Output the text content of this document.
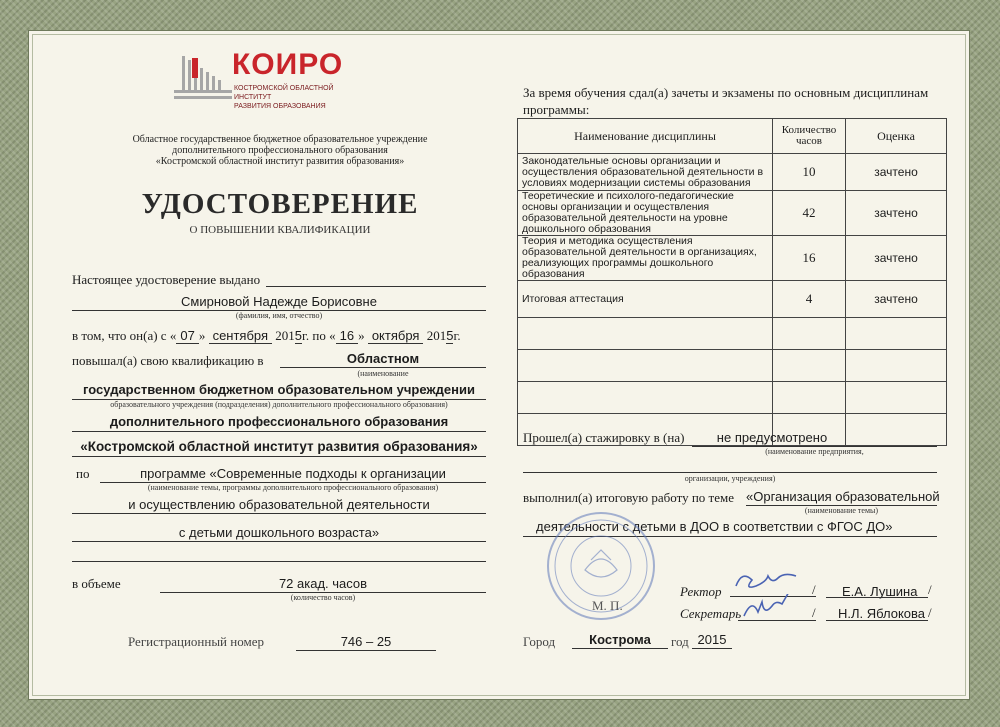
КОИРО
КОСТРОМСКОЙ ОБЛАСТНОЙ ИНСТИТУТ
РАЗВИТИЯ ОБРАЗОВАНИЯ
Областное государственное бюджетное образовательное учреждение
дополнительного профессионального образования
«Костромской областной институт развития образования»
УДОСТОВЕРЕНИЕ
О ПОВЫШЕНИИ КВАЛИФИКАЦИИ
Настоящее удостоверение выдано
Смирновой Надежде Борисовне
(фамилия, имя, отчество)
в том, что он(а) с « 07 » сентября 2015г. по « 16 » октября 2015г.
повышал(а) свою квалификацию в	Областном
(наименование
государственном бюджетном образовательном учреждении
образовательного учреждения (подразделения) дополнительного профессионального образования)
дополнительного профессионального образования
«Костромской областной институт развития образования»
по	программе «Современные подходы к организации
(наименование темы, программы дополнительного профессионального образования)
и осуществлению образовательной деятельности
с детьми дошкольного возраста»
в объеме	72 акад. часов
(количество часов)
Регистрационный номер	746 – 25
За время обучения сдал(а) зачеты и экзамены по основным дисциплинам
программы:
Наименование дисциплины	Количество часов	Оценка
Законодательные основы организации и осуществления образовательной деятельности в условиях модернизации системы образования	10	зачтено
Теоретические и психолого-педагогические основы организации и осуществления образовательной деятельности на уровне дошкольного образования	42	зачтено
Теория и методика осуществления образовательной деятельности в организациях, реализующих программы дошкольного образования	16	зачтено
Итоговая аттестация	4	зачтено

Прошел(а) стажировку в (на)	не предусмотрено
(наименование предприятия,
организации, учреждения)
выполнил(а) итоговую работу по теме «Организация образовательной
(наименование темы)
деятельности с детьми в ДОО в соответствии с ФГОС ДО»
М. П.
Ректор	/ Е.А. Лушина /
Секретарь	/ Н.Л. Яблокова /
Город	Кострома	год 2015
